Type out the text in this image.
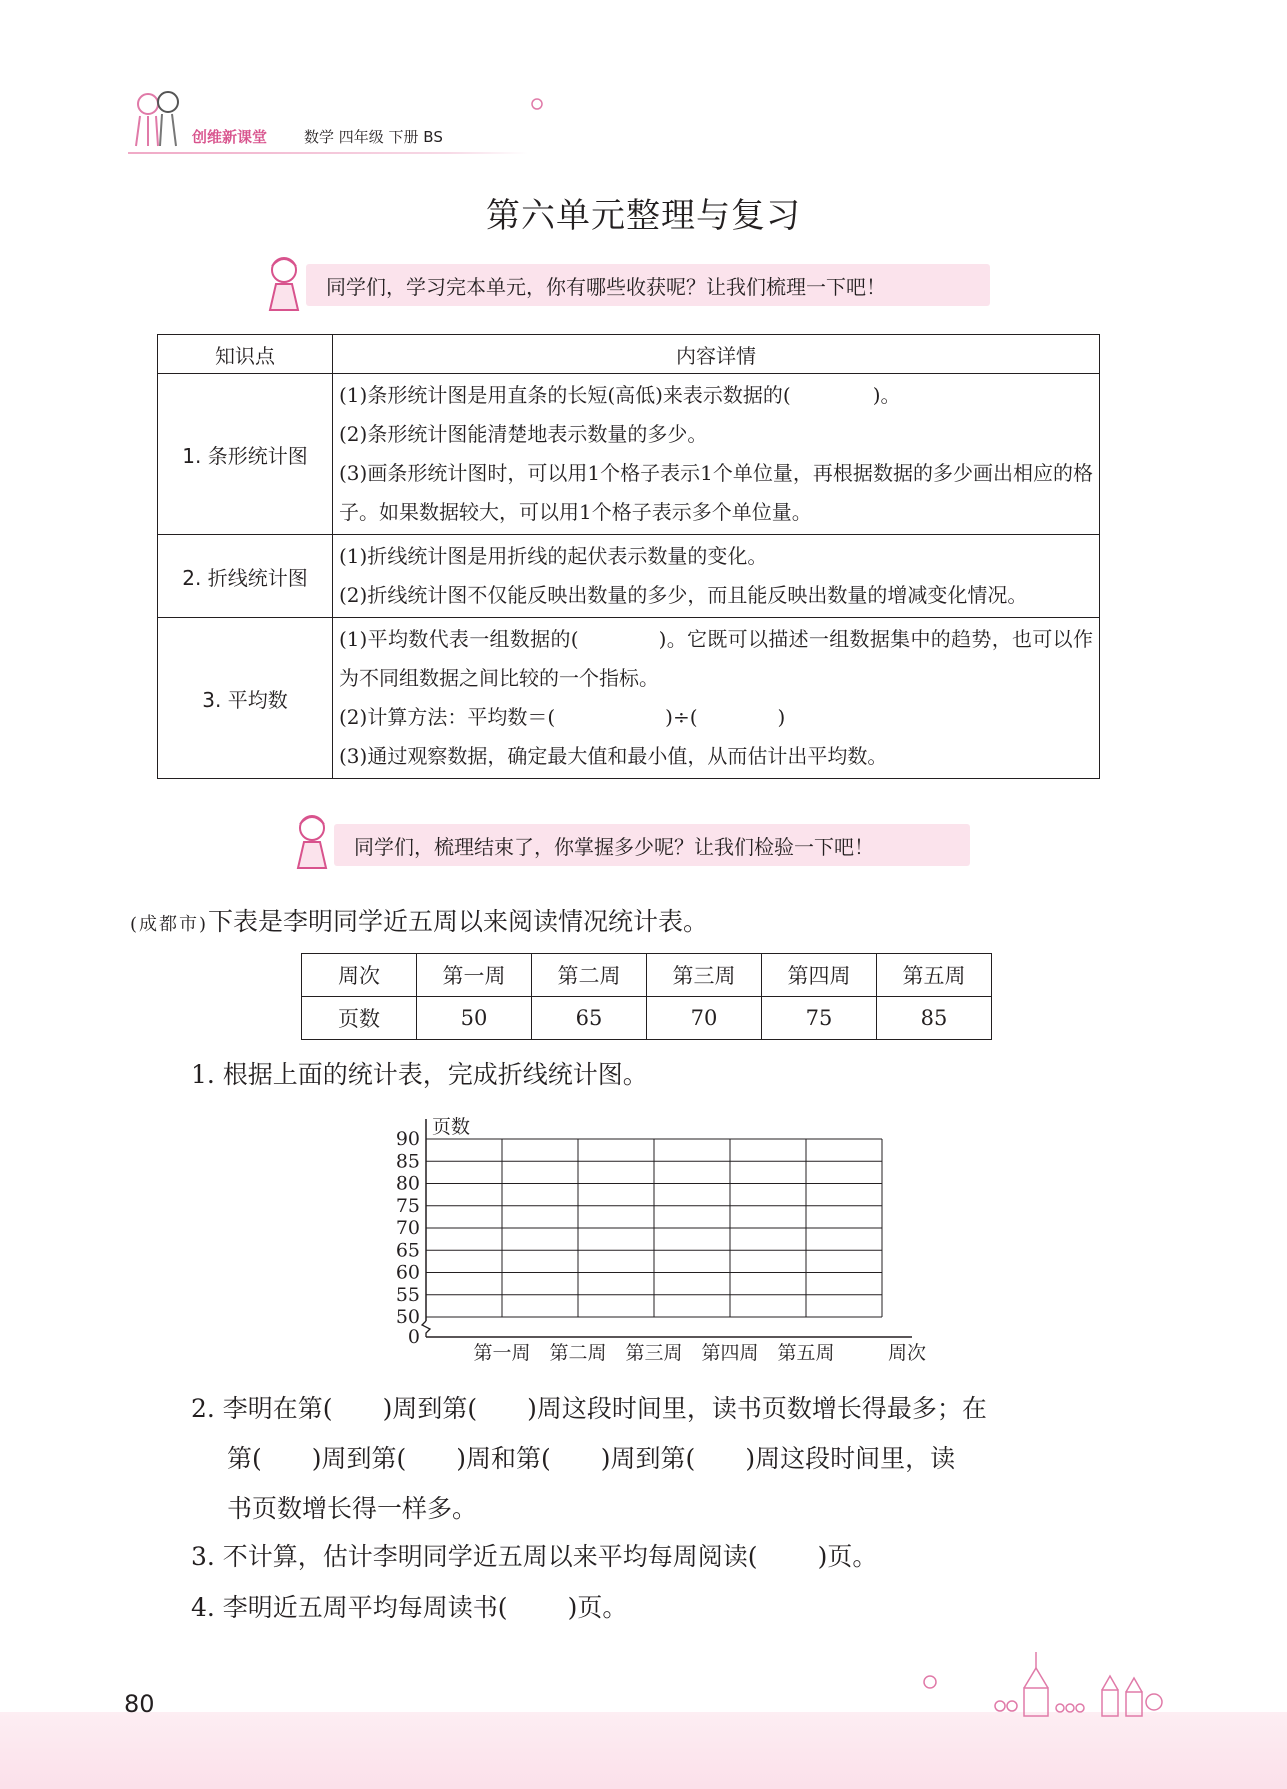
创维新课堂 数学 四年级 下册 BS
第六单元整理与复习
同学们，学习完本单元，你有哪些收获呢？让我们梳理一下吧！
知识点	内容详情
1. 条形统计图	(1)条形统计图是用直条的长短(高低)来表示数据的( )。
(2)条形统计图能清楚地表示数量的多少。
(3)画条形统计图时，可以用1个格子表示1个单位量，再根据数据的多少画出相应的格子。如果数据较大，可以用1个格子表示多个单位量。

2. 折线统计图	(1)折线统计图是用折线的起伏表示数量的变化。
(2)折线统计图不仅能反映出数量的多少，而且能反映出数量的增减变化情况。

3. 平均数	(1)平均数代表一组数据的( )。它既可以描述一组数据集中的趋势，也可以作为不同组数据之间比较的一个指标。
(2)计算方法：平均数＝( )÷( )
(3)通过观察数据，确定最大值和最小值，从而估计出平均数。
同学们，梳理结束了，你掌握多少呢？让我们检验一下吧！
(成都市)下表是李明同学近五周以来阅读情况统计表。
周次	第一周	第二周	第三周	第四周	第五周
页数	50	65	70	75	85
1. 根据上面的统计表，完成折线统计图。
0
50
55
60
65
70
75
80
85
90
页数
第一周 第二周 第三周 第四周 第五周	周次
2. 李明在第( )周到第( )周这段时间里，读书页数增长得最多；在
第( )周到第( )周和第( )周到第( )周这段时间里，读
书页数增长得一样多。
3. 不计算，估计李明同学近五周以来平均每周阅读( )页。
4. 李明近五周平均每周读书( )页。
80
